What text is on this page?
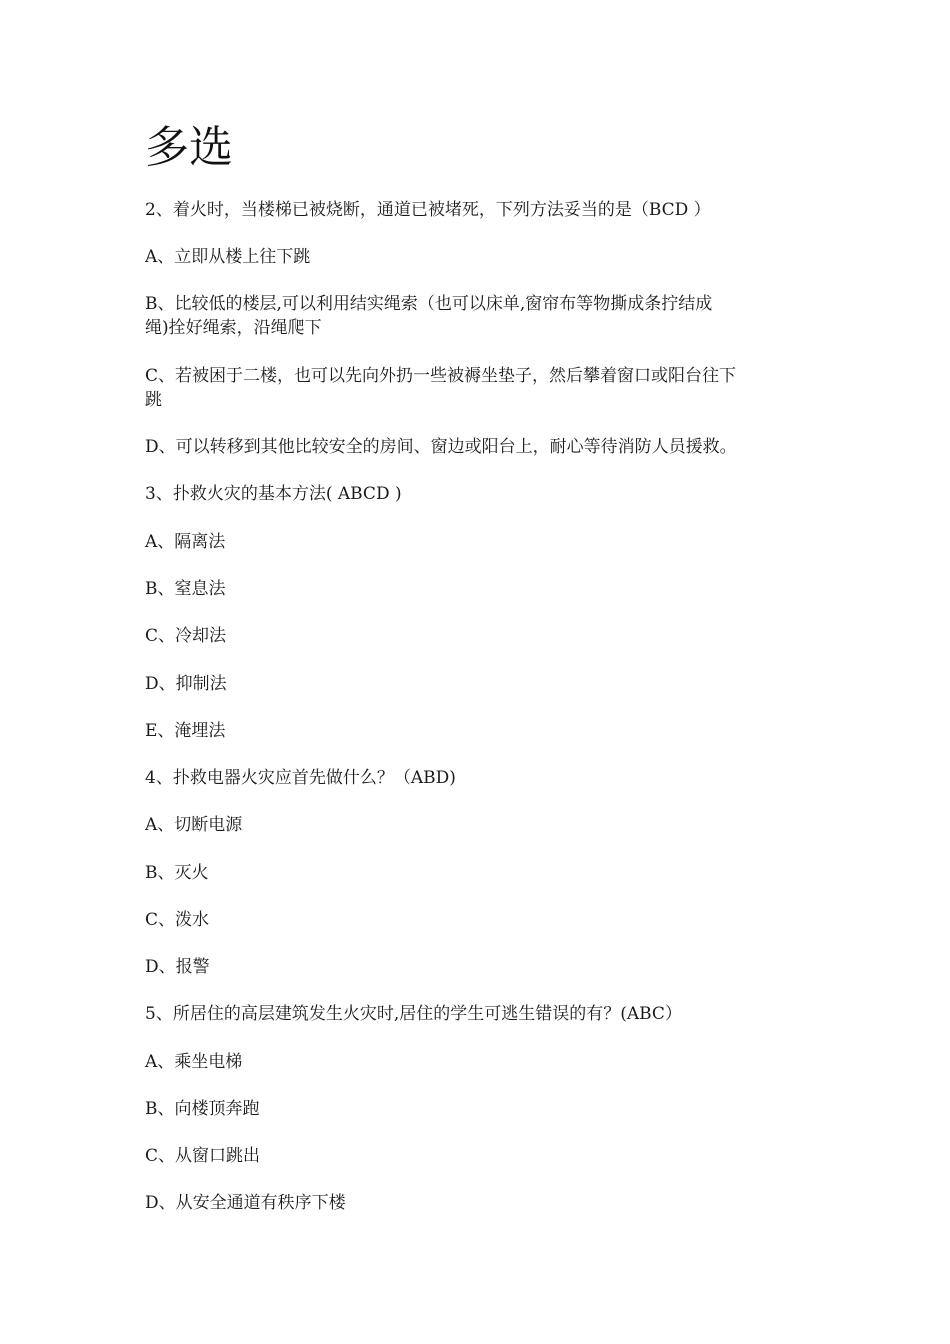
多选
2、着火时，当楼梯已被烧断，通道已被堵死，下列方法妥当的是（BCD ）
A、立即从楼上往下跳
B、比较低的楼层,可以利用结实绳索（也可以床单,窗帘布等物撕成条拧结成
绳)拴好绳索，沿绳爬下
C、若被困于二楼，也可以先向外扔一些被褥坐垫子，然后攀着窗口或阳台往下
跳
D、可以转移到其他比较安全的房间、窗边或阳台上，耐心等待消防人员援救。
3、扑救火灾的基本方法( ABCD )
A、隔离法
B、窒息法
C、冷却法
D、抑制法
E、淹埋法
4、扑救电器火灾应首先做什么？（ABD)
A、切断电源
B、灭火
C、泼水
D、报警
5、所居住的高层建筑发生火灾时,居住的学生可逃生错误的有？(ABC）
A、乘坐电梯
B、向楼顶奔跑
C、从窗口跳出
D、从安全通道有秩序下楼
